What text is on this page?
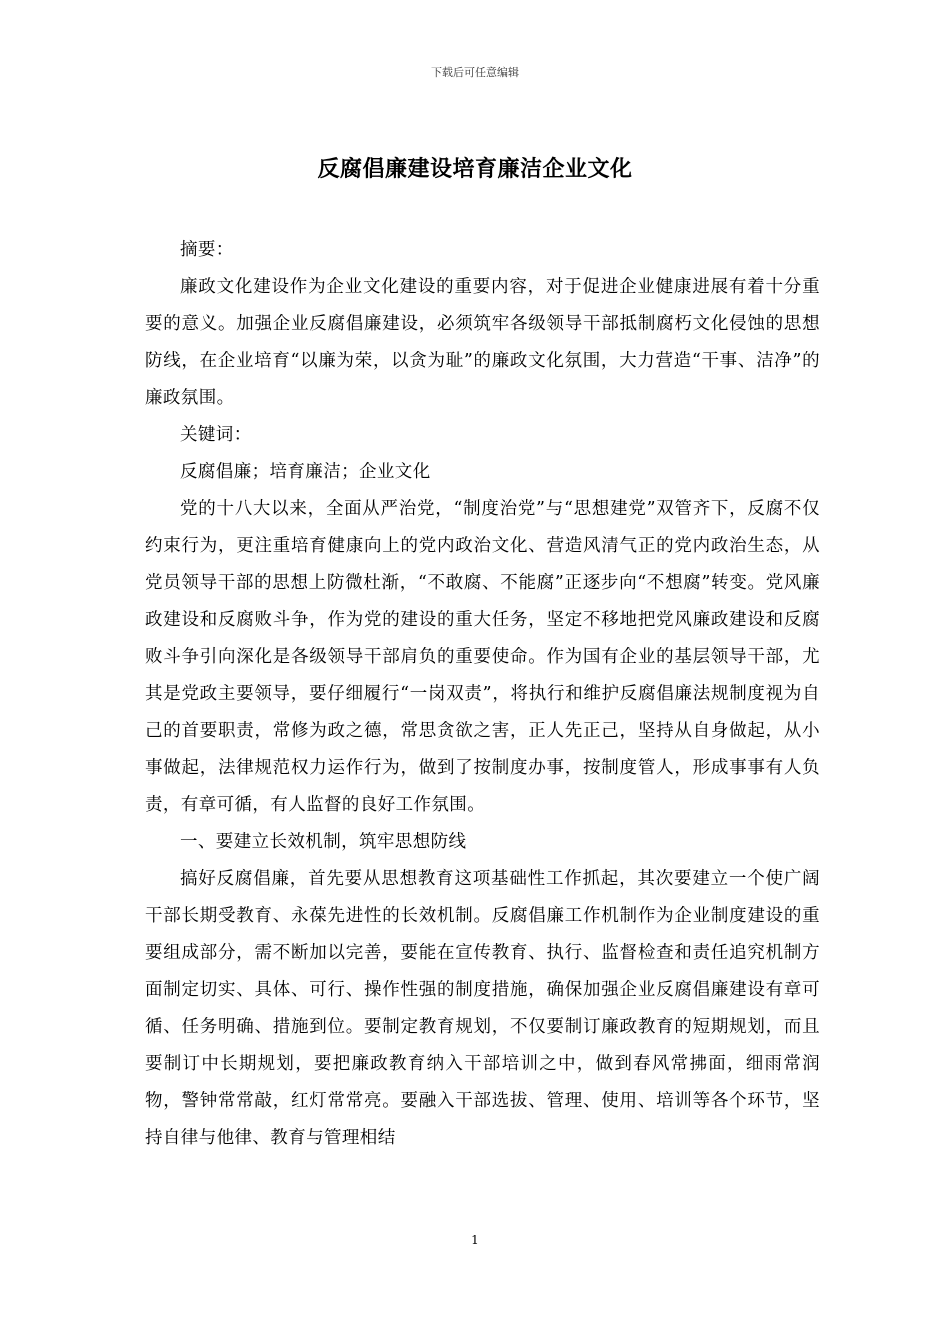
下载后可任意编辑
反腐倡廉建设培育廉洁企业文化

摘要：

廉政文化建设作为企业文化建设的重要内容，对于促进企业健康进展有着十分重要的意义。加强企业反腐倡廉建设，必须筑牢各级领导干部抵制腐朽文化侵蚀的思想防线，在企业培育“以廉为荣，以贪为耻”的廉政文化氛围，大力营造“干事、洁净”的廉政氛围。

关键词：

反腐倡廉；培育廉洁；企业文化

党的十八大以来，全面从严治党，“制度治党”与“思想建党”双管齐下，反腐不仅约束行为，更注重培育健康向上的党内政治文化、营造风清气正的党内政治生态，从党员领导干部的思想上防微杜渐，“不敢腐、不能腐”正逐步向“不想腐”转变。党风廉政建设和反腐败斗争，作为党的建设的重大任务，坚定不移地把党风廉政建设和反腐败斗争引向深化是各级领导干部肩负的重要使命。作为国有企业的基层领导干部，尤其是党政主要领导，要仔细履行“一岗双责”，将执行和维护反腐倡廉法规制度视为自己的首要职责，常修为政之德，常思贪欲之害，正人先正己，坚持从自身做起，从小事做起，法律规范权力运作行为，做到了按制度办事，按制度管人，形成事事有人负责，有章可循，有人监督的良好工作氛围。

一、要建立长效机制，筑牢思想防线

搞好反腐倡廉，首先要从思想教育这项基础性工作抓起，其次要建立一个使广阔干部长期受教育、永葆先进性的长效机制。反腐倡廉工作机制作为企业制度建设的重要组成部分，需不断加以完善，要能在宣传教育、执行、监督检查和责任追究机制方面制定切实、具体、可行、操作性强的制度措施，确保加强企业反腐倡廉建设有章可循、任务明确、措施到位。要制定教育规划，不仅要制订廉政教育的短期规划，而且要制订中长期规划，要把廉政教育纳入干部培训之中，做到春风常拂面，细雨常润物，警钟常常敲，红灯常常亮。要融入干部选拔、管理、使用、培训等各个环节，坚持自律与他律、教育与管理相结

1
